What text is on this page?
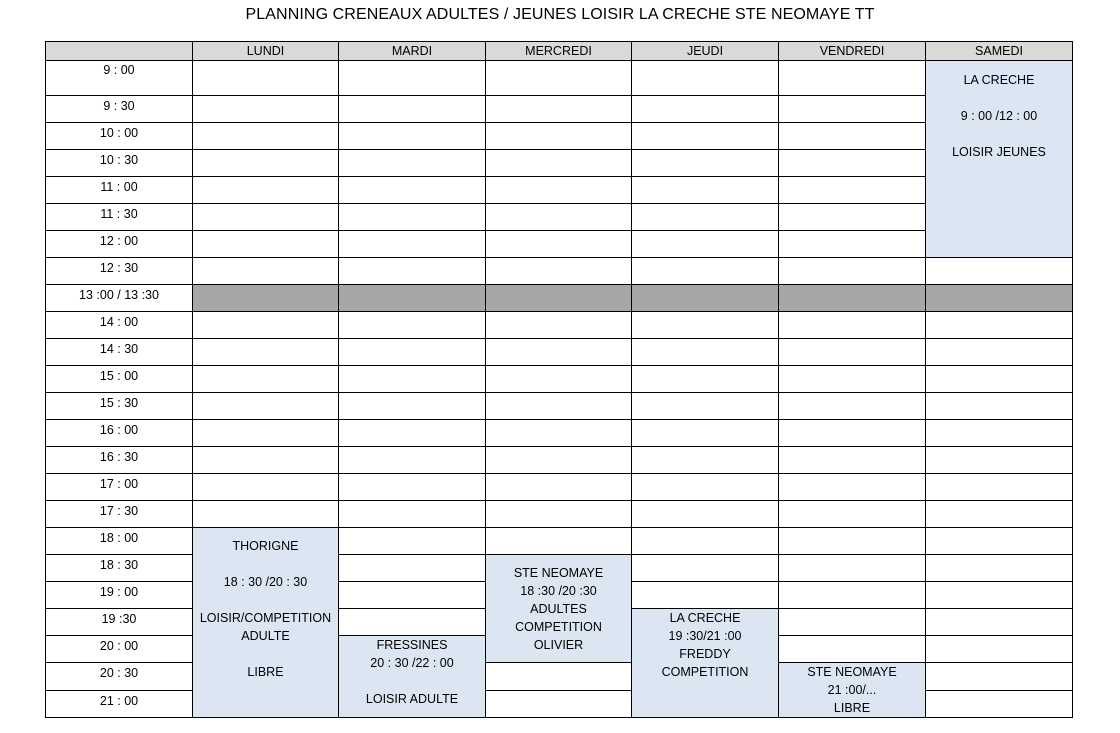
PLANNING CRENEAUX ADULTES / JEUNES LOISIR LA CRECHE STE NEOMAYE TT
	LUNDI	MARDI	MERCREDI	JEUDI	VENDREDI	SAMEDI

9 : 00						LA CRECHE
9 : 00 /12 : 00
LOISIR JEUNES

9 : 30						

10 : 00						

10 : 30						

11 : 00						

11 : 30						

12 : 00						

12 : 30						

13 :00 / 13 :30						

14 : 00						

14 : 30						

15 : 00						

15 : 30						

16 : 00						

16 : 30						

17 : 00						

17 : 30						

18 : 00	THORIGNE
18 : 30 /20 : 30
LOISIR/COMPETITION
ADULTE
LIBRE					

18 : 30			STE NEOMAYE
18 :30 /20 :30
ADULTES
COMPETITION
OLIVIER			

19 : 00						

19 :30				LA CRECHE
19 :30/21 :00
FREDDY
COMPETITION		

20 : 00		FRESSINES
20 : 30 /22 : 00
LOISIR ADULTE				

20 : 30					STE NEOMAYE
21 :00/...
LIBRE	

21 : 00						
